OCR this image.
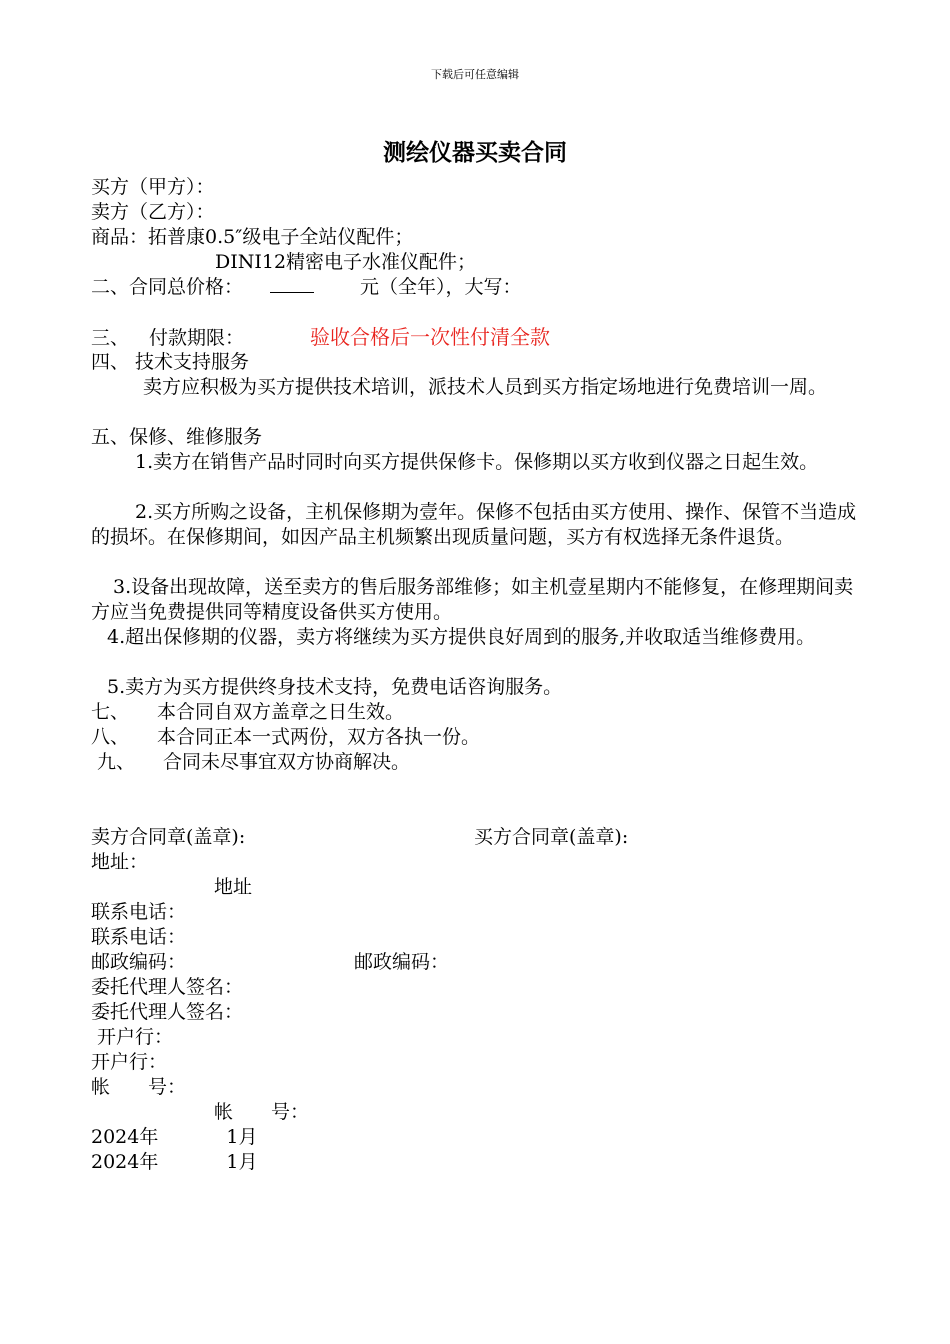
下载后可任意编辑
测绘仪器买卖合同
买方（甲方）：
卖方（乙方）：
商品：拓普康0.5″级电子全站仪配件；
DINI12精密电子水准仪配件；
二、合同总价格：	元（全年），大写：
三、 付款期限：	验收合格后一次性付清全款
四、 技术支持服务
卖方应积极为买方提供技术培训，派技术人员到买方指定场地进行免费培训一周。
五、保修、维修服务
1.卖方在销售产品时同时向买方提供保修卡。保修期以买方收到仪器之日起生效。
2.买方所购之设备，主机保修期为壹年。保修不包括由买方使用、操作、保管不当造成的损坏。在保修期间，如因产品主机频繁出现质量问题，买方有权选择无条件退货。
3.设备出现故障，送至卖方的售后服务部维修；如主机壹星期内不能修复，在修理期间卖方应当免费提供同等精度设备供买方使用。
4.超出保修期的仪器，卖方将继续为买方提供良好周到的服务,并收取适当维修费用。
5.卖方为买方提供终身技术支持，免费电话咨询服务。
七、 本合同自双方盖章之日生效。
八、 本合同正本一式两份，双方各执一份。
九、 合同未尽事宜双方协商解决。
卖方合同章(盖章):	买方合同章(盖章):
地址：
地址
联系电话：
联系电话：
邮政编码：	邮政编码：
委托代理人签名：
委托代理人签名：
开户行：
开户行：
帐　　号：
帐　　号：
2024年	1月
2024年	1月
